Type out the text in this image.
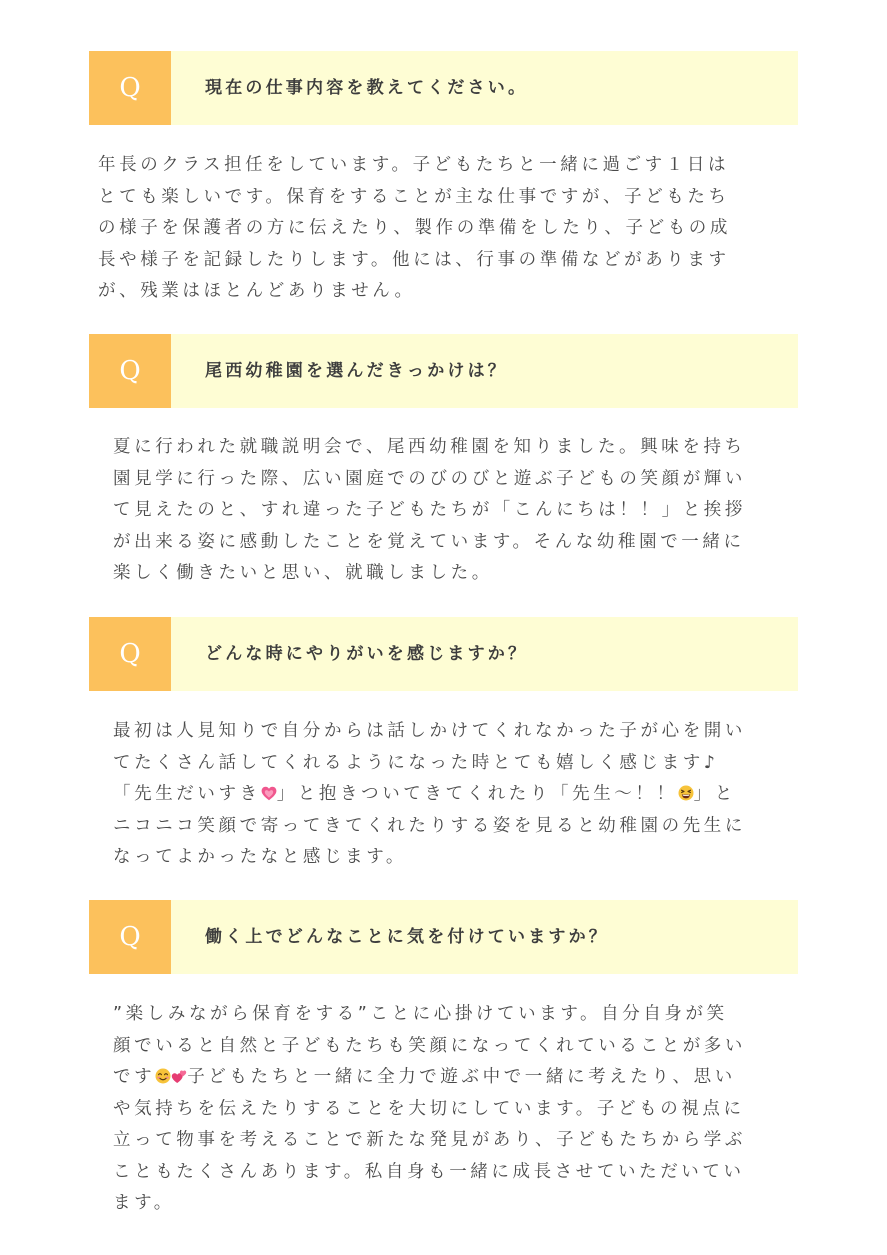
Q	現在の仕事内容を教えてください。

年長のクラス担任をしています。子どもたちと一緒に過ごす１日は
とても楽しいです。保育をすることが主な仕事ですが、子どもたち
の様子を保護者の方に伝えたり、製作の準備をしたり、子どもの成
長や様子を記録したりします。他には、行事の準備などがあります
が、残業はほとんどありません。

Q	尾西幼稚園を選んだきっかけは？

夏に行われた就職説明会で、尾西幼稚園を知りました。興味を持ち
園見学に行った際、広い園庭でのびのびと遊ぶ子どもの笑顔が輝い
て見えたのと、すれ違った子どもたちが「こんにちは！！」と挨拶
が出来る姿に感動したことを覚えています。そんな幼稚園で一緒に
楽しく働きたいと思い、就職しました。

Q	どんな時にやりがいを感じますか？

最初は人見知りで自分からは話しかけてくれなかった子が心を開い
てたくさん話してくれるようになった時とても嬉しく感じます♪
「先生だいすき 」と抱きついてきてくれたり「先生〜！！ 」と
ニコニコ笑顔で寄ってきてくれたりする姿を見ると幼稚園の先生に
なってよかったなと感じます。

Q	働く上でどんなことに気を付けていますか？

”楽しみながら保育をする”ことに心掛けています。自分自身が笑
顔でいると自然と子どもたちも笑顔になってくれていることが多い
です 子どもたちと一緒に全力で遊ぶ中で一緒に考えたり、思い
や気持ちを伝えたりすることを大切にしています。子どもの視点に
立って物事を考えることで新たな発見があり、子どもたちから学ぶ
こともたくさんあります。私自身も一緒に成長させていただいてい
ます。
